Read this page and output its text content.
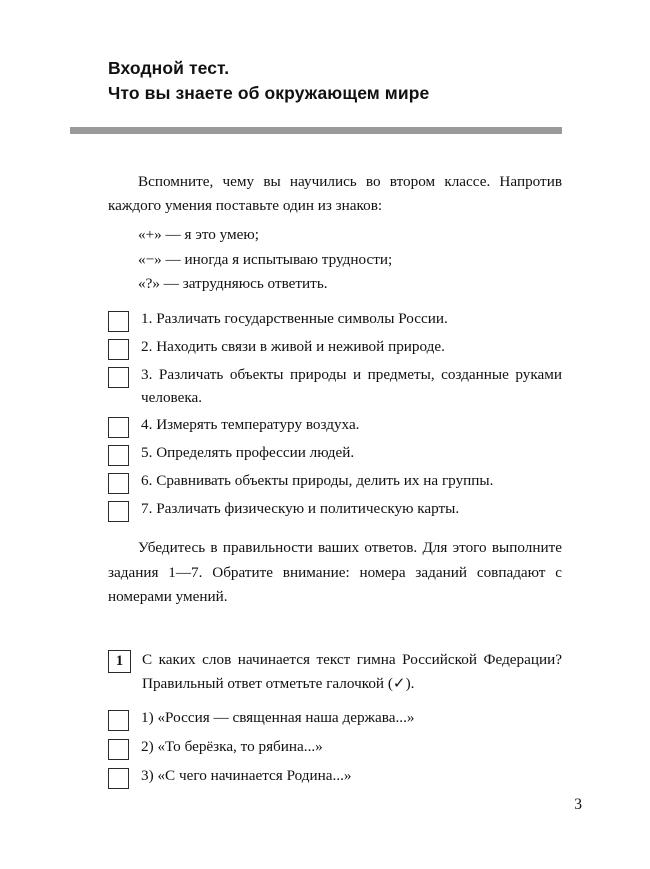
Входной тест.
Что вы знаете об окружающем мире

Вспомните, чему вы научились во втором классе. Напротив каждого умения поставьте один из знаков:

«+» — я это умею;

«−» — иногда я испытываю трудности;

«?» — затрудняюсь ответить.

1. Различать государственные символы России.
2. Находить связи в живой и неживой природе.
3. Различать объекты природы и предметы, созданные руками человека.
4. Измерять температуру воздуха.
5. Определять профессии людей.
6. Сравнивать объекты природы, делить их на группы.
7. Различать физическую и политическую карты.

Убедитесь в правильности ваших ответов. Для этого выполните задания 1—7. Обратите внимание: номера заданий совпадают с номерами умений.

1	С каких слов начинается текст гимна Российской Федерации? Правильный ответ отметьте галочкой (✓).
1) «Россия — священная наша держава...»
2) «То берёзка, то рябина...»
3) «С чего начинается Родина...»
3
